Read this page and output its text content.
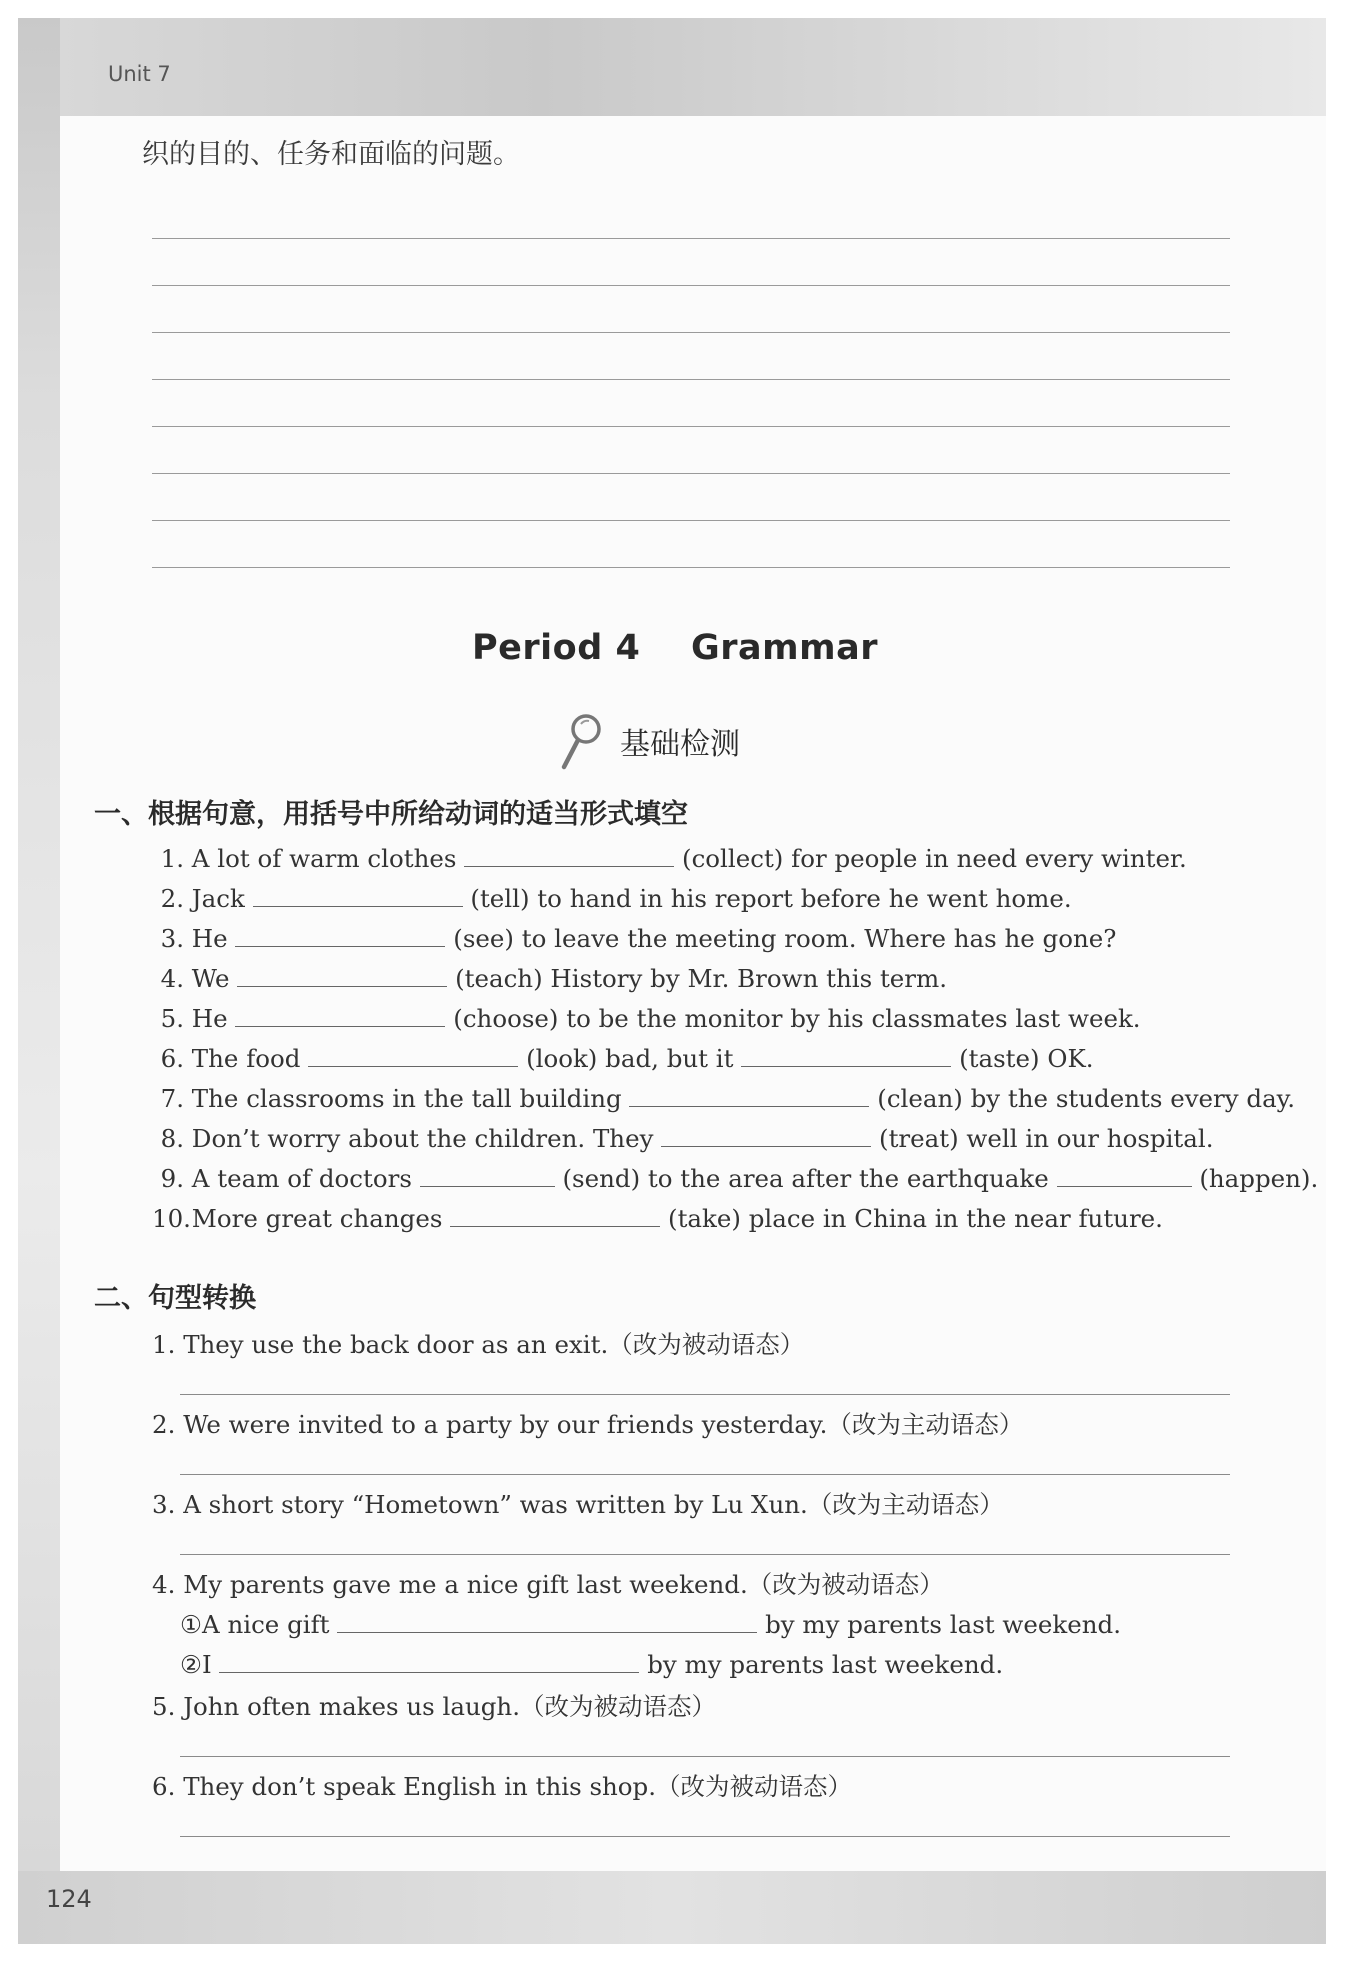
Unit 7
织的目的、任务和面临的问题。
Period 4    Grammar
基础检测
一、根据句意，用括号中所给动词的适当形式填空
1.
A lot of warm clothes

	(collect) for people in need every winter.
2.
Jack

	(tell) to hand in his report before he went home.
3.
He

	(see) to leave the meeting room. Where has he gone?
4.
We

	(teach) History by Mr. Brown this term.
5.
He

	(choose) to be the monitor by his classmates last week.
6.
The food

	(look) bad, but it

	(taste) OK.
7.
The classrooms in the tall building

	(clean) by the students every day.
8.
Don’t worry about the children. They

	(treat) well in our hospital.
9.
A team of doctors

	(send) to the area after the earthquake

	(happen).
10.
More great changes

	(take) place in China in the near future.
二、句型转换
1.
They use the back door as an exit. （改为被动语态）
2.
We were invited to a party by our friends yesterday. （改为主动语态）
3.
A short story “Hometown” was written by Lu Xun. （改为主动语态）
4.
My parents gave me a nice gift last weekend. （改为被动语态）
① A nice gift

	by my parents last weekend.
② I

	by my parents last weekend.
5.
John often makes us laugh. （改为被动语态）
6.
They don’t speak English in this shop. （改为被动语态）
124
